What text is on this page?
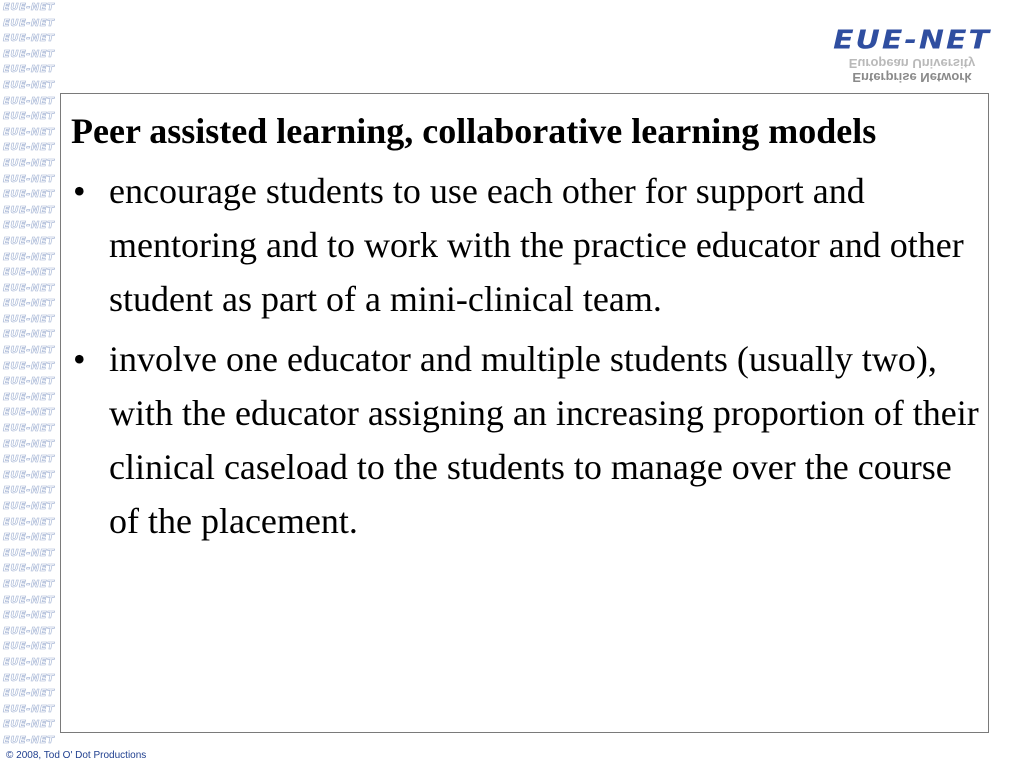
EUE-NET
EUE-NET
EUE-NET
EUE-NET
EUE-NET
EUE-NET
EUE-NET
EUE-NET
EUE-NET
EUE-NET
EUE-NET
EUE-NET
EUE-NET
EUE-NET
EUE-NET
EUE-NET
EUE-NET
EUE-NET
EUE-NET
EUE-NET
EUE-NET
EUE-NET
EUE-NET
EUE-NET
EUE-NET
EUE-NET
EUE-NET
EUE-NET
EUE-NET
EUE-NET
EUE-NET
EUE-NET
EUE-NET
EUE-NET
EUE-NET
EUE-NET
EUE-NET
EUE-NET
EUE-NET
EUE-NET
EUE-NET
EUE-NET
EUE-NET
EUE-NET
EUE-NET
EUE-NET
EUE-NET
EUE-NET
EUE-NET
Enterprise Network
European University

Peer assisted learning, collaborative learning models

• encourage students to use each other for support and mentoring and to work with the practice educator and other student as part of a mini-clinical team.
• involve one educator and multiple students (usually two), with the educator assigning an increasing proportion of their clinical caseload to the students to manage over the course of the placement.
© 2008, Tod O' Dot Productions
